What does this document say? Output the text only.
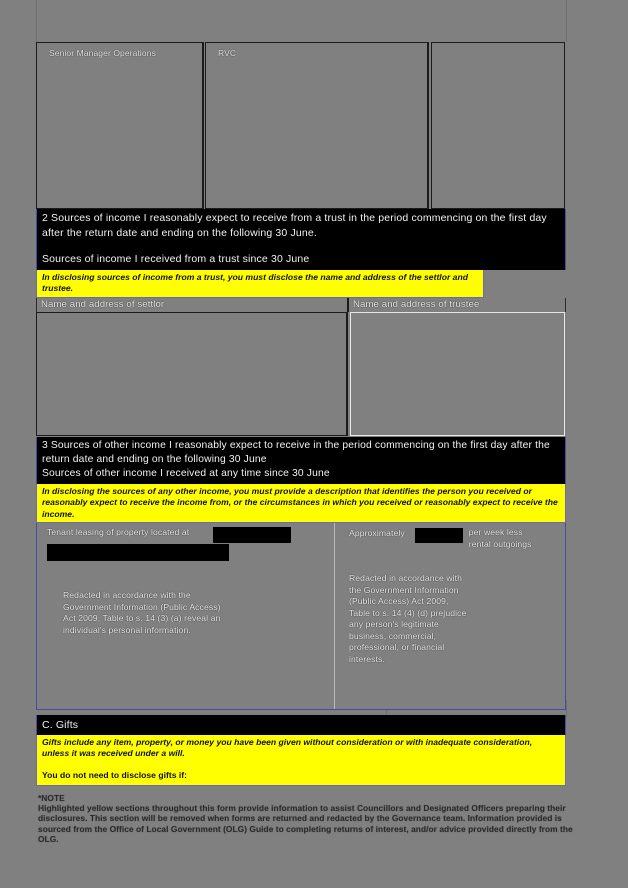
Senior Manager Operations	RVC
2 Sources of income I reasonably expect to receive from a trust in the period commencing on the first day after the return date and ending on the following 30 June.
Sources of income I received from a trust since 30 June
In disclosing sources of income from a trust, you must disclose the name and address of the settlor and trustee.
Name and address of settlor	Name and address of trustee
3 Sources of other income I reasonably expect to receive in the period commencing on the first day after the return date and ending on the following 30 June
Sources of other income I received at any time since 30 June
In disclosing the sources of any other income, you must provide a description that identifies the person you received or reasonably expect to receive the income from, or the circumstances in which you received or reasonably expect to receive the income.
Tenant leasing of property located at
Redacted in accordance with the Government Information (Public Access) Act 2009, Table to s. 14 (3) (a) reveal an individual's personal information.
Approximately	per week less
rental outgoings
Redacted in accordance with the Government Information (Public Access) Act 2009, Table to s. 14 (4) (d) prejudice any person's legitimate business, commercial, professional, or financial interests.
C. Gifts
Gifts include any item, property, or money you have been given without consideration or with inadequate consideration, unless it was received under a will.
You do not need to disclose gifts if:
*NOTE
Highlighted yellow sections throughout this form provide information to assist Councillors and Designated Officers preparing their disclosures. This section will be removed when forms are returned and redacted by the Governance team. Information provided is sourced from the Office of Local Government (OLG) Guide to completing returns of interest, and/or advice provided directly from the OLG.
